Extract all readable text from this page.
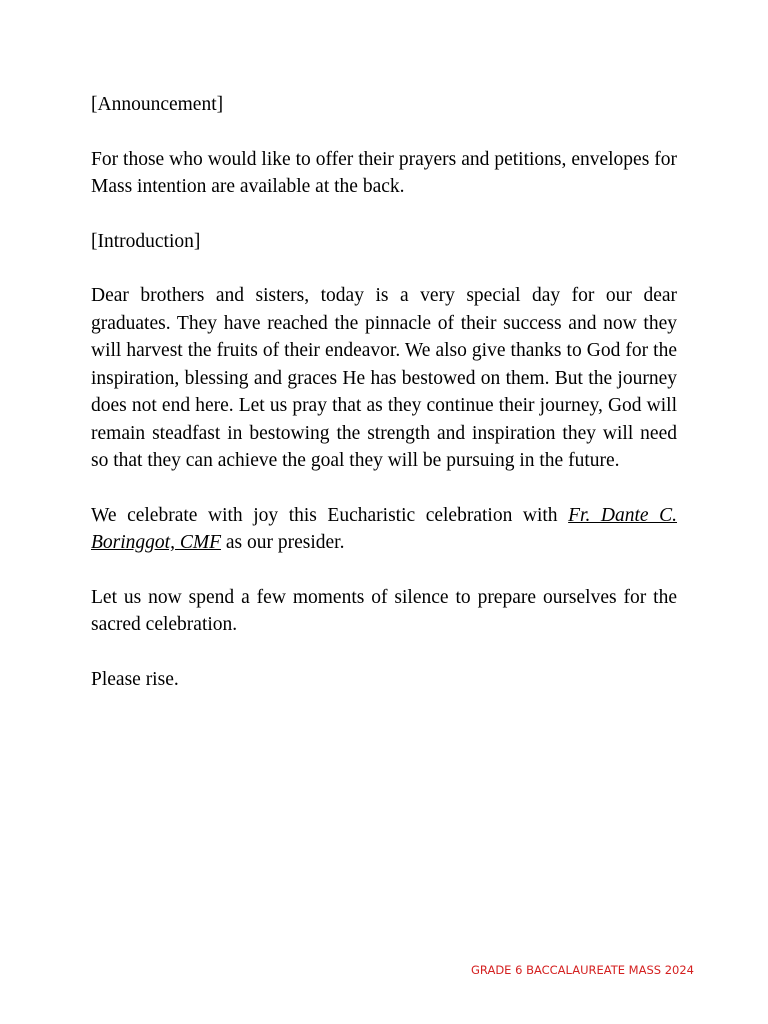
[Announcement]

For those who would like to offer their prayers and petitions, envelopes for Mass intention are available at the back.

[Introduction]

Dear brothers and sisters, today is a very special day for our dear graduates. They have reached the pinnacle of their success and now they will harvest the fruits of their endeavor. We also give thanks to God for the inspiration, blessing and graces He has bestowed on them. But the journey does not end here. Let us pray that as they continue their journey, God will remain steadfast in bestowing the strength and inspiration they will need so that they can achieve the goal they will be pursuing in the future.

We celebrate with joy this Eucharistic celebration with Fr. Dante C. Boringgot, CMF as our presider.

Let us now spend a few moments of silence to prepare ourselves for the sacred celebration.

Please rise.

GRADE 6 BACCALAUREATE MASS 2024
